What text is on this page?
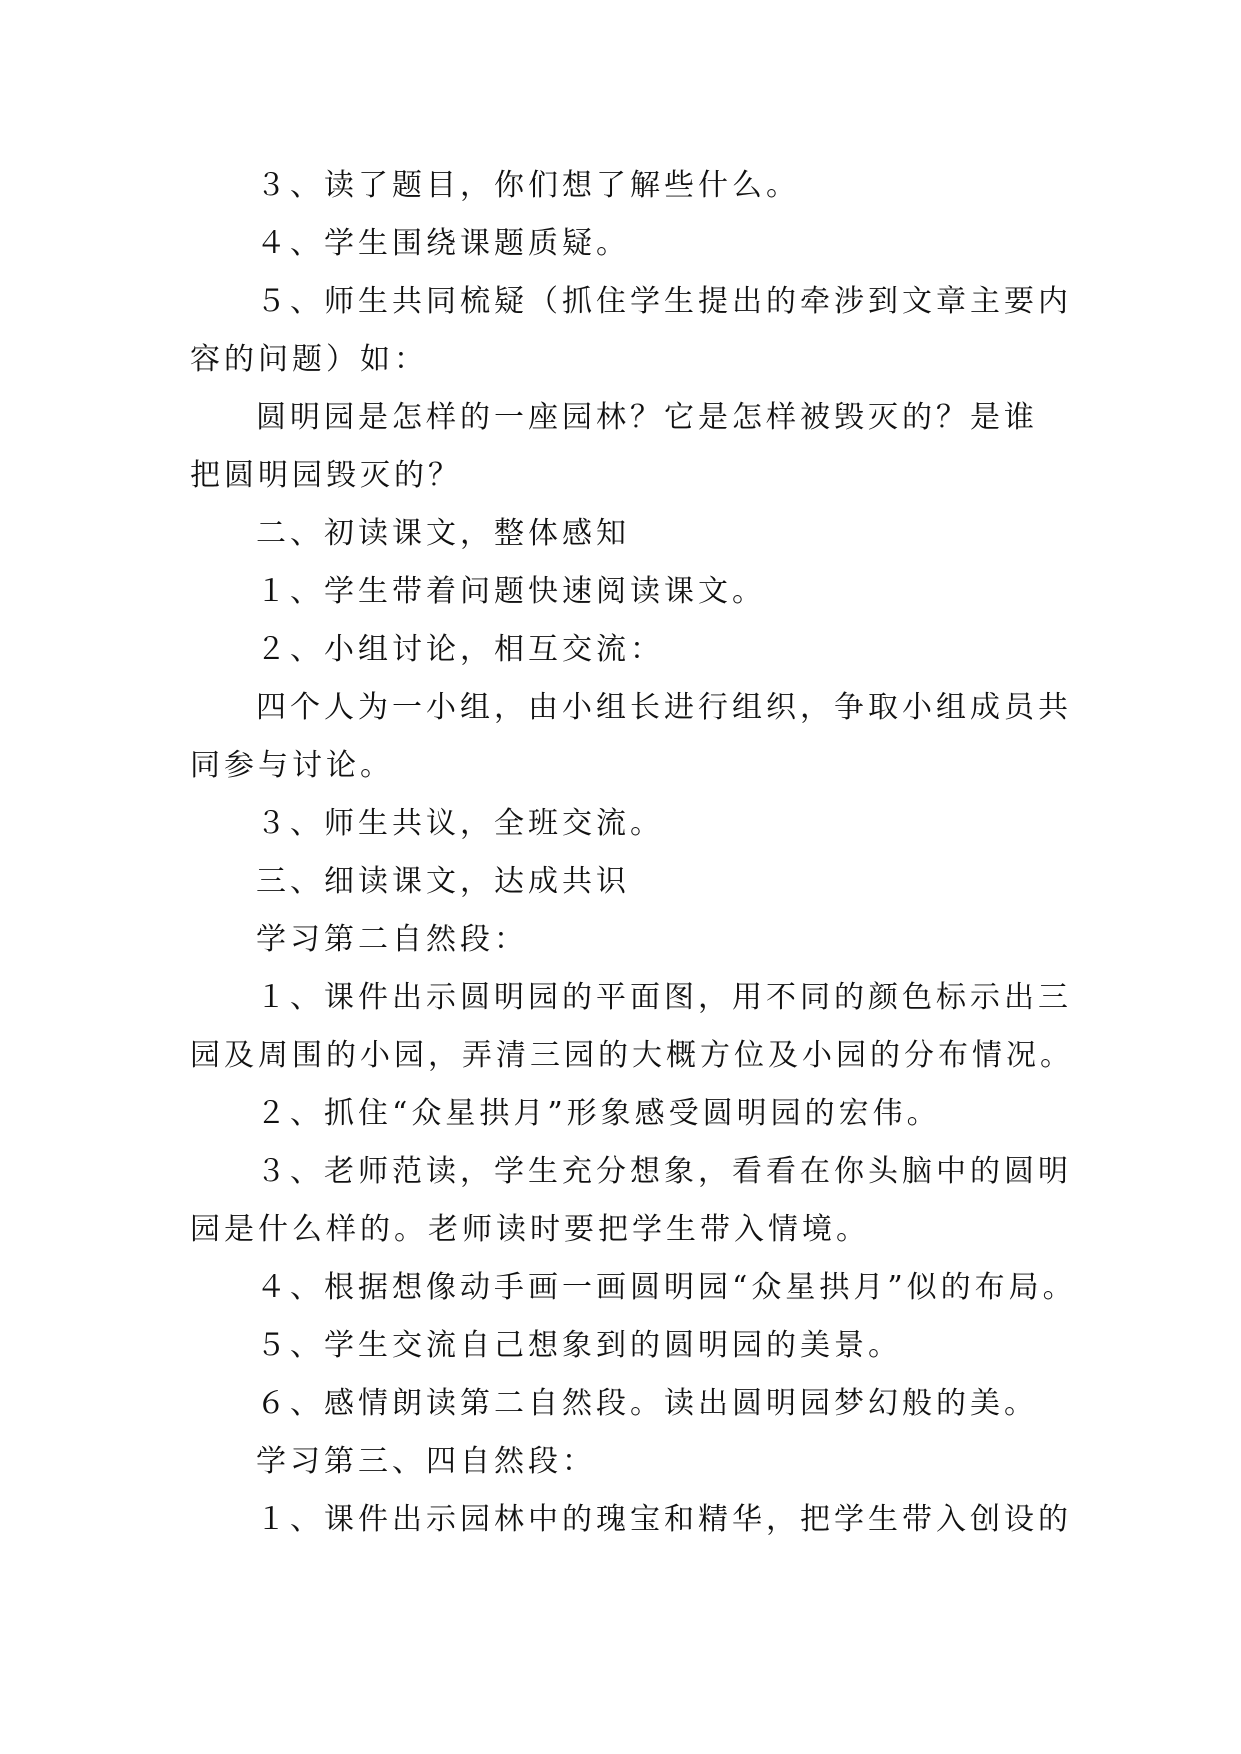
３、读了题目，你们想了解些什么。
４、学生围绕课题质疑。
５、师生共同梳疑（抓住学生提出的牵涉到文章主要内
容的问题）如：
圆明园是怎样的一座园林？它是怎样被毁灭的？是谁
把圆明园毁灭的？
二、初读课文，整体感知
１、学生带着问题快速阅读课文。
２、小组讨论，相互交流：
四个人为一小组，由小组长进行组织，争取小组成员共
同参与讨论。
３、师生共议，全班交流。
三、细读课文，达成共识
学习第二自然段：
１、课件出示圆明园的平面图，用不同的颜色标示出三
园及周围的小园，弄清三园的大概方位及小园的分布情况。
２、抓住“众星拱月”形象感受圆明园的宏伟。
３、老师范读，学生充分想象，看看在你头脑中的圆明
园是什么样的。老师读时要把学生带入情境。
４、根据想像动手画一画圆明园“众星拱月”似的布局。
５、学生交流自己想象到的圆明园的美景。
６、感情朗读第二自然段。读出圆明园梦幻般的美。
学习第三、四自然段：
１、课件出示园林中的瑰宝和精华，把学生带入创设的
